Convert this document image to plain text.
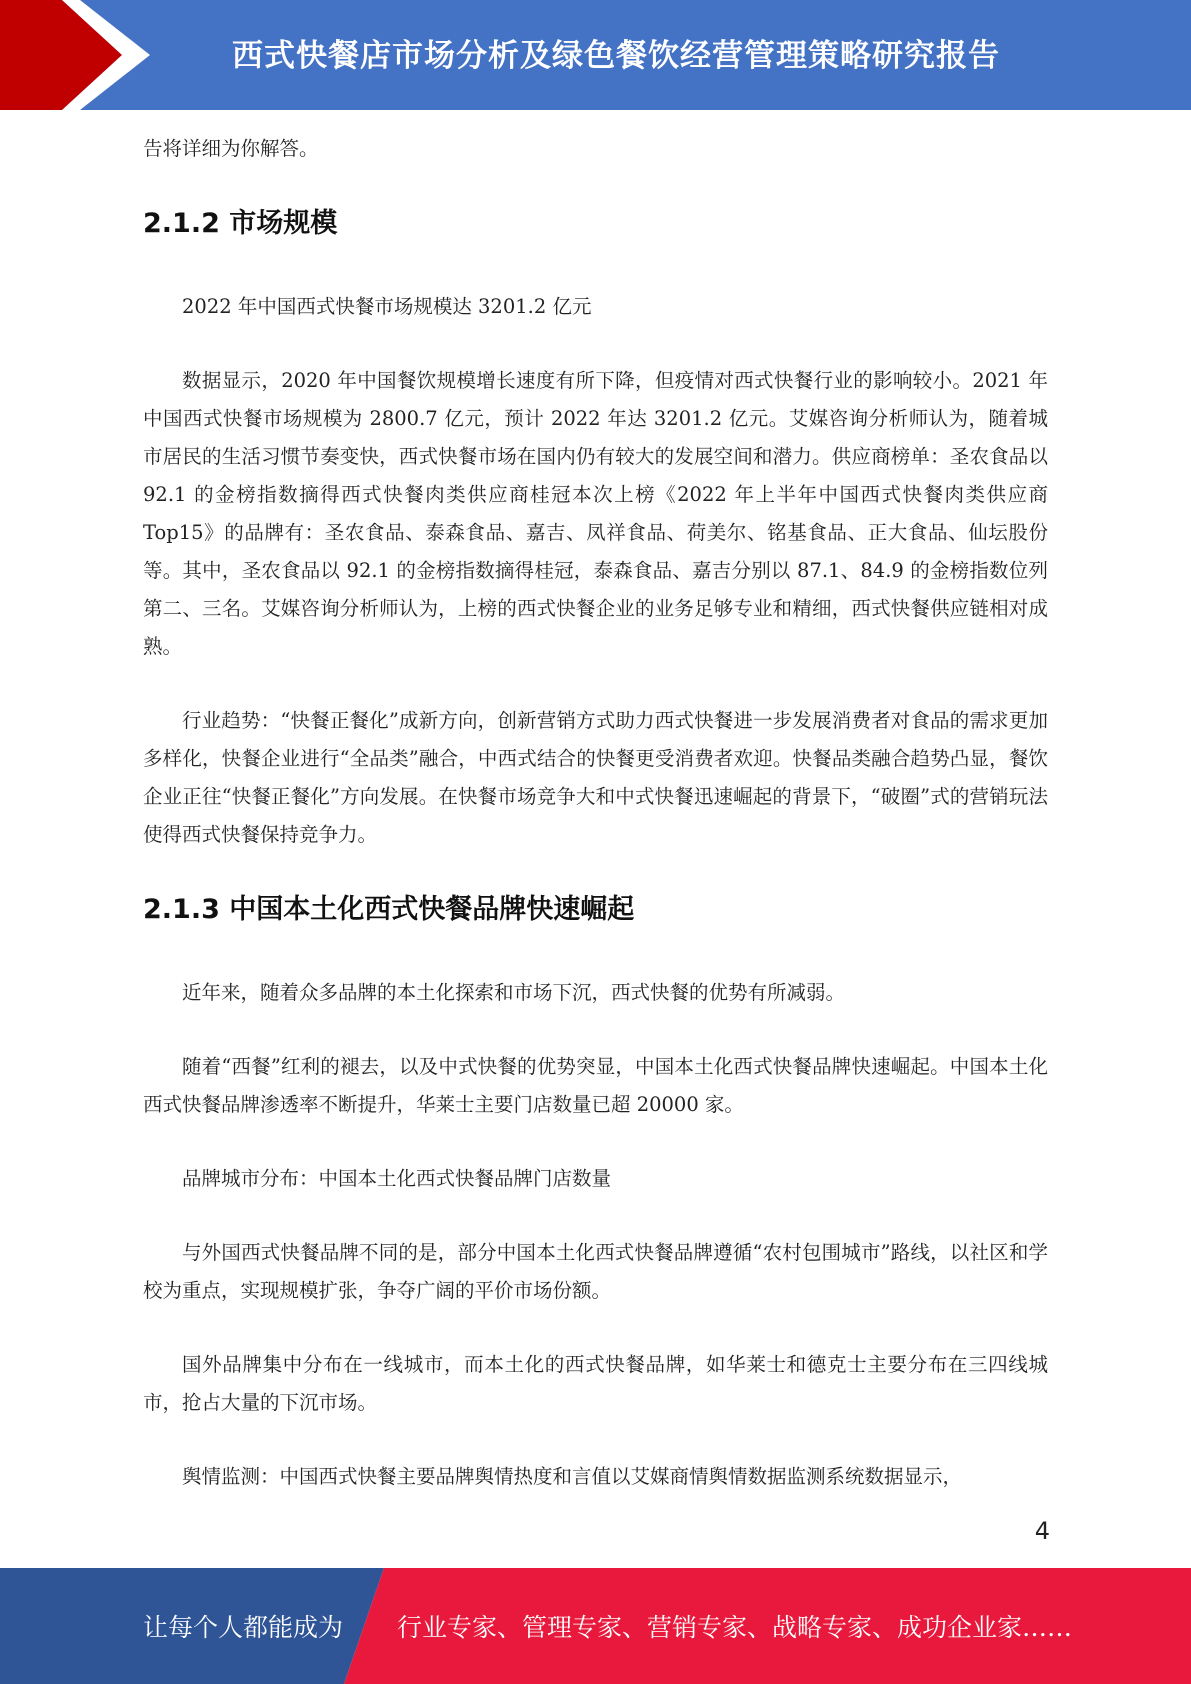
西式快餐店市场分析及绿色餐饮经营管理策略研究报告

告将详细为你解答。

2.1.2 市场规模

2022 年中国西式快餐市场规模达 3201.2 亿元

数据显示，2020 年中国餐饮规模增长速度有所下降，但疫情对西式快餐行业的影响较小。2021 年中国西式快餐市场规模为 2800.7 亿元，预计 2022 年达 3201.2 亿元。艾媒咨询分析师认为，随着城市居民的生活习惯节奏变快，西式快餐市场在国内仍有较大的发展空间和潜力。供应商榜单：圣农食品以 92.1 的金榜指数摘得西式快餐肉类供应商桂冠本次上榜《2022 年上半年中国西式快餐肉类供应商 Top15》的品牌有：圣农食品、泰森食品、嘉吉、凤祥食品、荷美尔、铭基食品、正大食品、仙坛股份等。其中，圣农食品以 92.1 的金榜指数摘得桂冠，泰森食品、嘉吉分别以 87.1、84.9 的金榜指数位列第二、三名。艾媒咨询分析师认为，上榜的西式快餐企业的业务足够专业和精细，西式快餐供应链相对成熟。

行业趋势：“快餐正餐化”成新方向，创新营销方式助力西式快餐进一步发展消费者对食品的需求更加多样化，快餐企业进行“全品类”融合，中西式结合的快餐更受消费者欢迎。快餐品类融合趋势凸显，餐饮企业正往“快餐正餐化”方向发展。在快餐市场竞争大和中式快餐迅速崛起的背景下，“破圈”式的营销玩法使得西式快餐保持竞争力。

2.1.3 中国本土化西式快餐品牌快速崛起

近年来，随着众多品牌的本土化探索和市场下沉，西式快餐的优势有所减弱。

随着“西餐”红利的褪去，以及中式快餐的优势突显，中国本土化西式快餐品牌快速崛起。中国本土化西式快餐品牌渗透率不断提升，华莱士主要门店数量已超 20000 家。

品牌城市分布：中国本土化西式快餐品牌门店数量

与外国西式快餐品牌不同的是，部分中国本土化西式快餐品牌遵循“农村包围城市”路线，以社区和学校为重点，实现规模扩张，争夺广阔的平价市场份额。

国外品牌集中分布在一线城市，而本土化的西式快餐品牌，如华莱士和德克士主要分布在三四线城市，抢占大量的下沉市场。

舆情监测：中国西式快餐主要品牌舆情热度和言值以艾媒商情舆情数据监测系统数据显示，

4
让每个人都能成为 行业专家、管理专家、营销专家、战略专家、成功企业家……
